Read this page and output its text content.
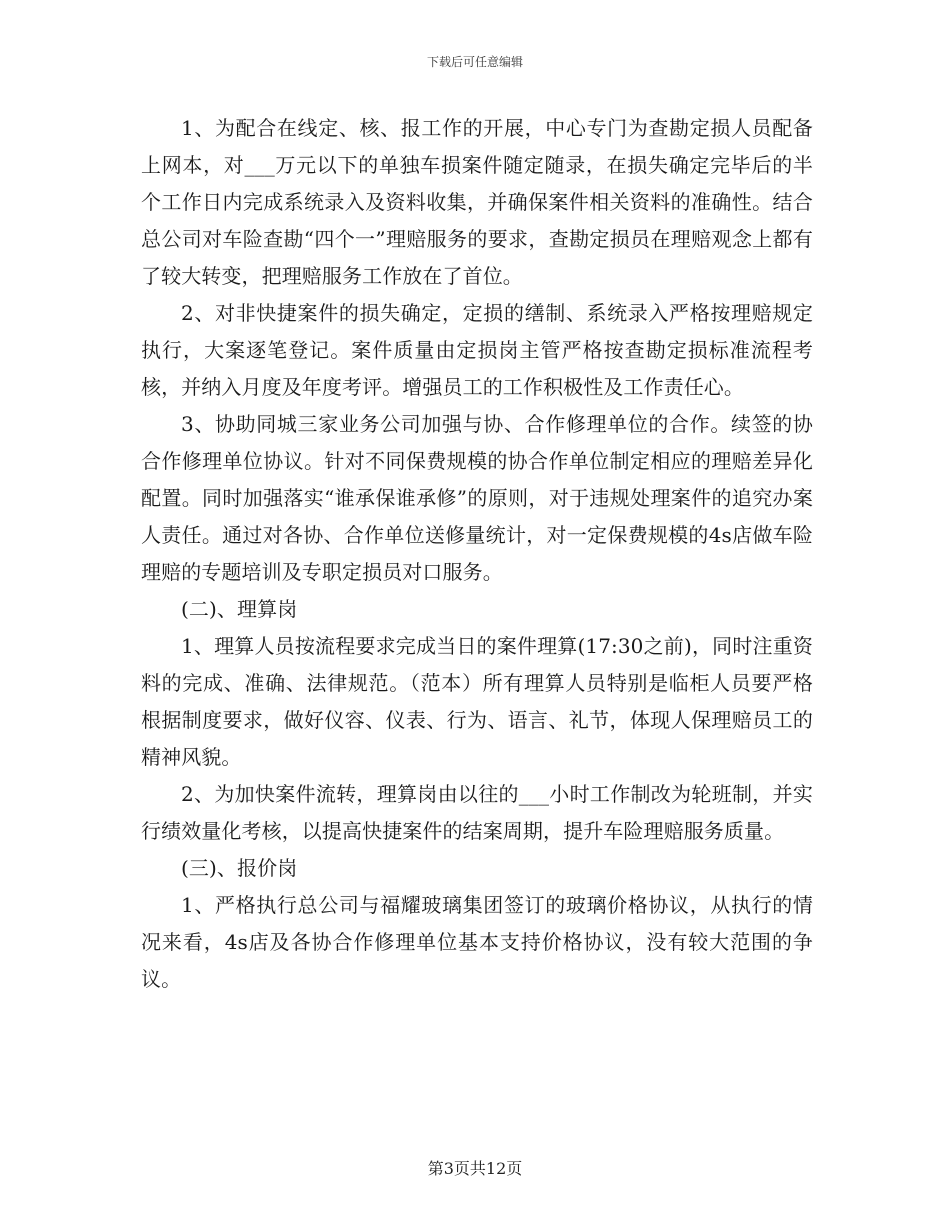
下载后可任意编辑

1、为配合在线定、核、报工作的开展，中心专门为查勘定损人员配备上网本，对___万元以下的单独车损案件随定随录，在损失确定完毕后的半个工作日内完成系统录入及资料收集，并确保案件相关资料的准确性。结合总公司对车险查勘“四个一”理赔服务的要求，查勘定损员在理赔观念上都有了较大转变，把理赔服务工作放在了首位。

2、对非快捷案件的损失确定，定损的缮制、系统录入严格按理赔规定执行，大案逐笔登记。案件质量由定损岗主管严格按查勘定损标准流程考核，并纳入月度及年度考评。增强员工的工作积极性及工作责任心。

3、协助同城三家业务公司加强与协、合作修理单位的合作。续签的协合作修理单位协议。针对不同保费规模的协合作单位制定相应的理赔差异化配置。同时加强落实“谁承保谁承修”的原则，对于违规处理案件的追究办案人责任。通过对各协、合作单位送修量统计，对一定保费规模的4s店做车险理赔的专题培训及专职定损员对口服务。

(二)、理算岗

1、理算人员按流程要求完成当日的案件理算(17:30之前)，同时注重资料的完成、准确、法律规范。（范本）所有理算人员特别是临柜人员要严格根据制度要求，做好仪容、仪表、行为、语言、礼节，体现人保理赔员工的精神风貌。

2、为加快案件流转，理算岗由以往的___小时工作制改为轮班制，并实行绩效量化考核，以提高快捷案件的结案周期，提升车险理赔服务质量。

(三)、报价岗

1、严格执行总公司与福耀玻璃集团签订的玻璃价格协议，从执行的情况来看，4s店及各协合作修理单位基本支持价格协议，没有较大范围的争议。

第3页共12页
